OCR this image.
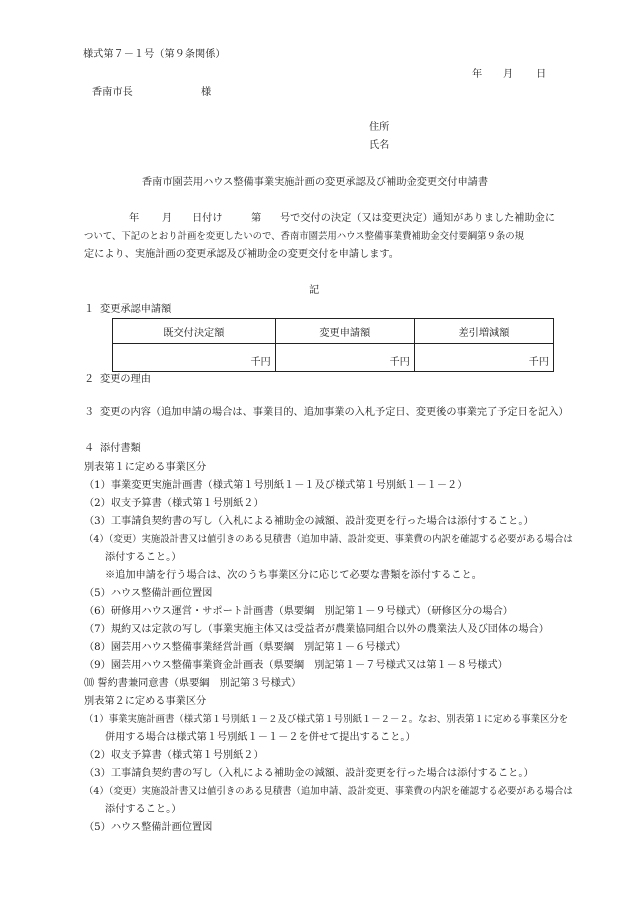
様式第７－１号（第９条関係）
年 月 日
香南市長	様
住所
氏名
香南市園芸用ハウス整備事業実施計画の変更承認及び補助金変更交付申請書
年 月 日付け	第 号で交付の決定（又は変更決定）通知がありました補助金に
ついて、下記のとおり計画を変更したいので、香南市園芸用ハウス整備事業費補助金交付要綱第９条の規
定により、実施計画の変更承認及び補助金の変更交付を申請します。
記
１ 変更承認申請額
既交付決定額	変更申請額	差引増減額
千円	千円	千円
２ 変更の理由
３ 変更の内容（追加申請の場合は、事業目的、追加事業の入札予定日、変更後の事業完了予定日を記入）
４ 添付書類
別表第１に定める事業区分
（1）事業変更実施計画書（様式第１号別紙１－１及び様式第１号別紙１－１－２）
（2）収支予算書（様式第１号別紙２）
（3）工事請負契約書の写し（入札による補助金の減額、設計変更を行った場合は添付すること。）
（4）（変更）実施設計書又は値引きのある見積書（追加申請、設計変更、事業費の内訳を確認する必要がある場合は
添付すること。）
※追加申請を行う場合は、次のうち事業区分に応じて必要な書類を添付すること。
（5）ハウス整備計画位置図
（6）研修用ハウス運営・サポート計画書（県要綱　別記第１－９号様式）（研修区分の場合）
（7）規約又は定款の写し（事業実施主体又は受益者が農業協同組合以外の農業法人及び団体の場合）
（8）園芸用ハウス整備事業経営計画（県要綱　別記第１－６号様式）
（9）園芸用ハウス整備事業資金計画表（県要綱　別記第１－７号様式又は第１－８号様式）
⑽ 誓約書兼同意書（県要綱　別記第３号様式）
別表第２に定める事業区分
（1）事業実施計画書（様式第１号別紙１－２及び様式第１号別紙１－２－２。なお、別表第１に定める事業区分を
併用する場合は様式第１号別紙１－１－２を併せて提出すること。）
（2）収支予算書（様式第１号別紙２）
（3）工事請負契約書の写し（入札による補助金の減額、設計変更を行った場合は添付すること。）
（4）（変更）実施設計書又は値引きのある見積書（追加申請、設計変更、事業費の内訳を確認する必要がある場合は
添付すること。）
（5）ハウス整備計画位置図
